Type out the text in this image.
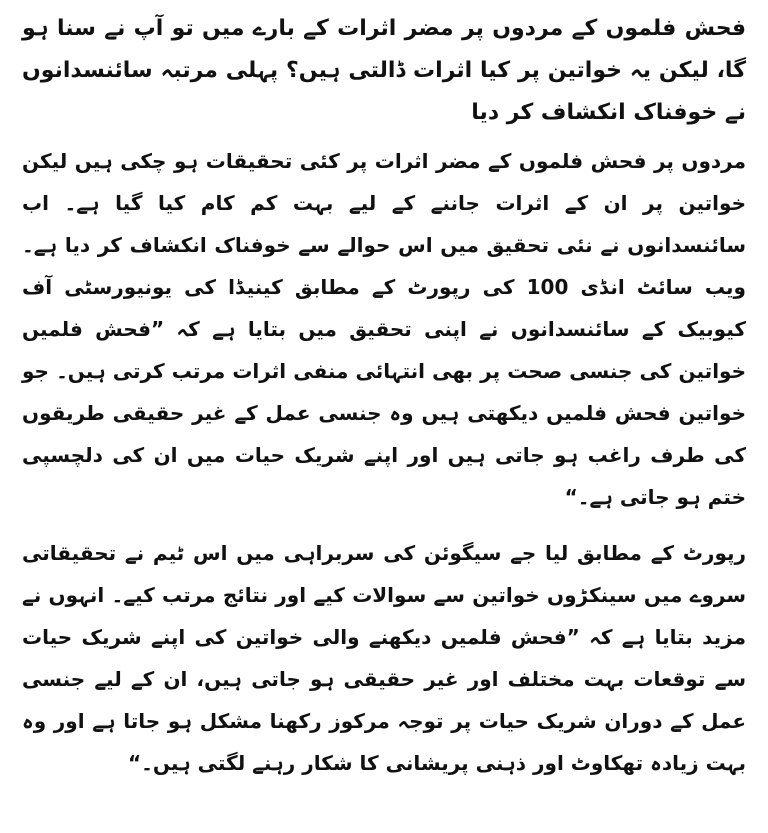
فحش فلموں کے مردوں پر مضر اثرات کے بارے میں تو آپ نے سنا ہو گا، لیکن یہ خواتین پر کیا اثرات ڈالتی ہیں؟ پہلی مرتبہ سائنسدانوں نے خوفناک انکشاف کر دیا

مردوں پر فحش فلموں کے مضر اثرات پر کئی تحقیقات ہو چکی ہیں لیکن خواتین پر ان کے اثرات جاننے کے لیے بہت کم کام کیا گیا ہے۔ اب سائنسدانوں نے نئی تحقیق میں اس حوالے سے خوفناک انکشاف کر دیا ہے۔ ویب سائٹ انڈی 100 کی رپورٹ کے مطابق کینیڈا کی یونیورسٹی آف کیوبیک کے سائنسدانوں نے اپنی تحقیق میں بتایا ہے کہ ”فحش فلمیں خواتین کی جنسی صحت پر بھی انتہائی منفی اثرات مرتب کرتی ہیں۔ جو خواتین فحش فلمیں دیکھتی ہیں وہ جنسی عمل کے غیر حقیقی طریقوں کی طرف راغب ہو جاتی ہیں اور اپنے شریک حیات میں ان کی دلچسپی ختم ہو جاتی ہے۔“

رپورٹ کے مطابق لیا جے سیگوئن کی سربراہی میں اس ٹیم نے تحقیقاتی سروے میں سینکڑوں خواتین سے سوالات کیے اور نتائج مرتب کیے۔ انہوں نے مزید بتایا ہے کہ ”فحش فلمیں دیکھنے والی خواتین کی اپنے شریک حیات سے توقعات بہت مختلف اور غیر حقیقی ہو جاتی ہیں، ان کے لیے جنسی عمل کے دوران شریک حیات پر توجہ مرکوز رکھنا مشکل ہو جاتا ہے اور وہ بہت زیادہ تھکاوٹ اور ذہنی پریشانی کا شکار رہنے لگتی ہیں۔“
